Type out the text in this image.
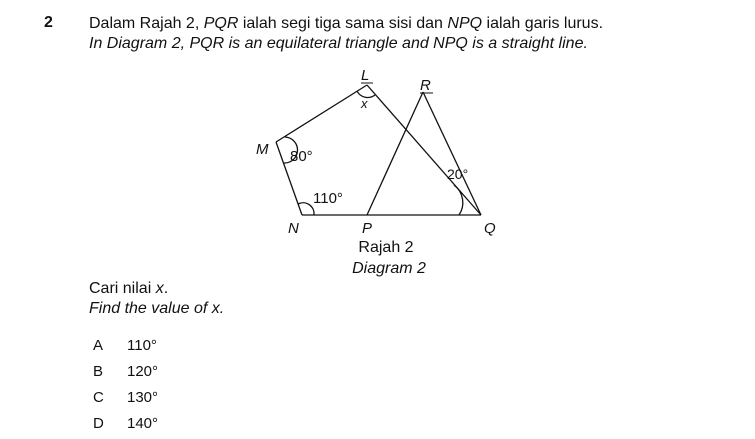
2 Dalam Rajah 2, PQR ialah segi tiga sama sisi dan NPQ ialah garis lurus.
In Diagram 2, PQR is an equilateral triangle and NPQ is a straight line.
L
R
M
N	P	Q
x
80°
110°
20°
Rajah 2
Diagram 2
Cari nilai x.
Find the value of x.
A 110°
B 120°
C 130°
D 140°
